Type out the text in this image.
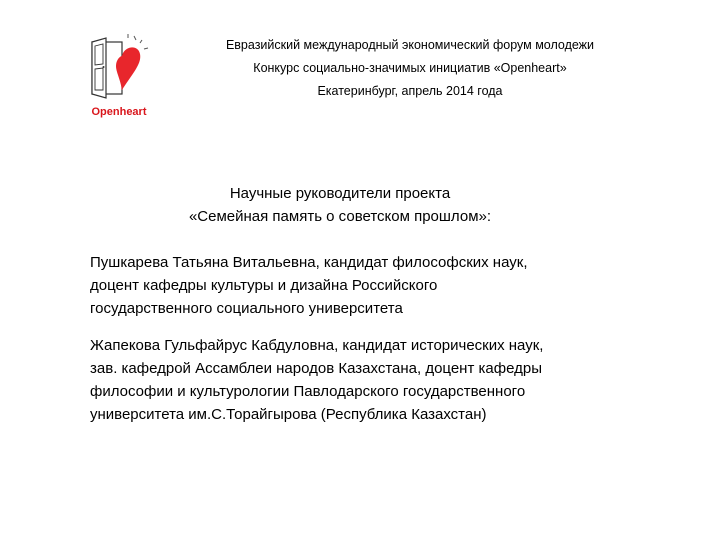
Openheart
Евразийский международный экономический форум молодежи
Конкурс социально-значимых инициатив «Openheart»
Екатеринбург, апрель 2014 года
Научные руководители проекта
«Семейная память о советском прошлом»:
Пушкарева Татьяна Витальевна, кандидат философских наук,
доцент кафедры культуры и дизайна Российского
государственного социального университета
Жапекова Гульфайрус Кабдуловна, кандидат исторических наук,
зав. кафедрой Ассамблеи народов Казахстана, доцент кафедры
философии и культурологии Павлодарского государственного
университета им.С.Торайгырова (Республика Казахстан)
